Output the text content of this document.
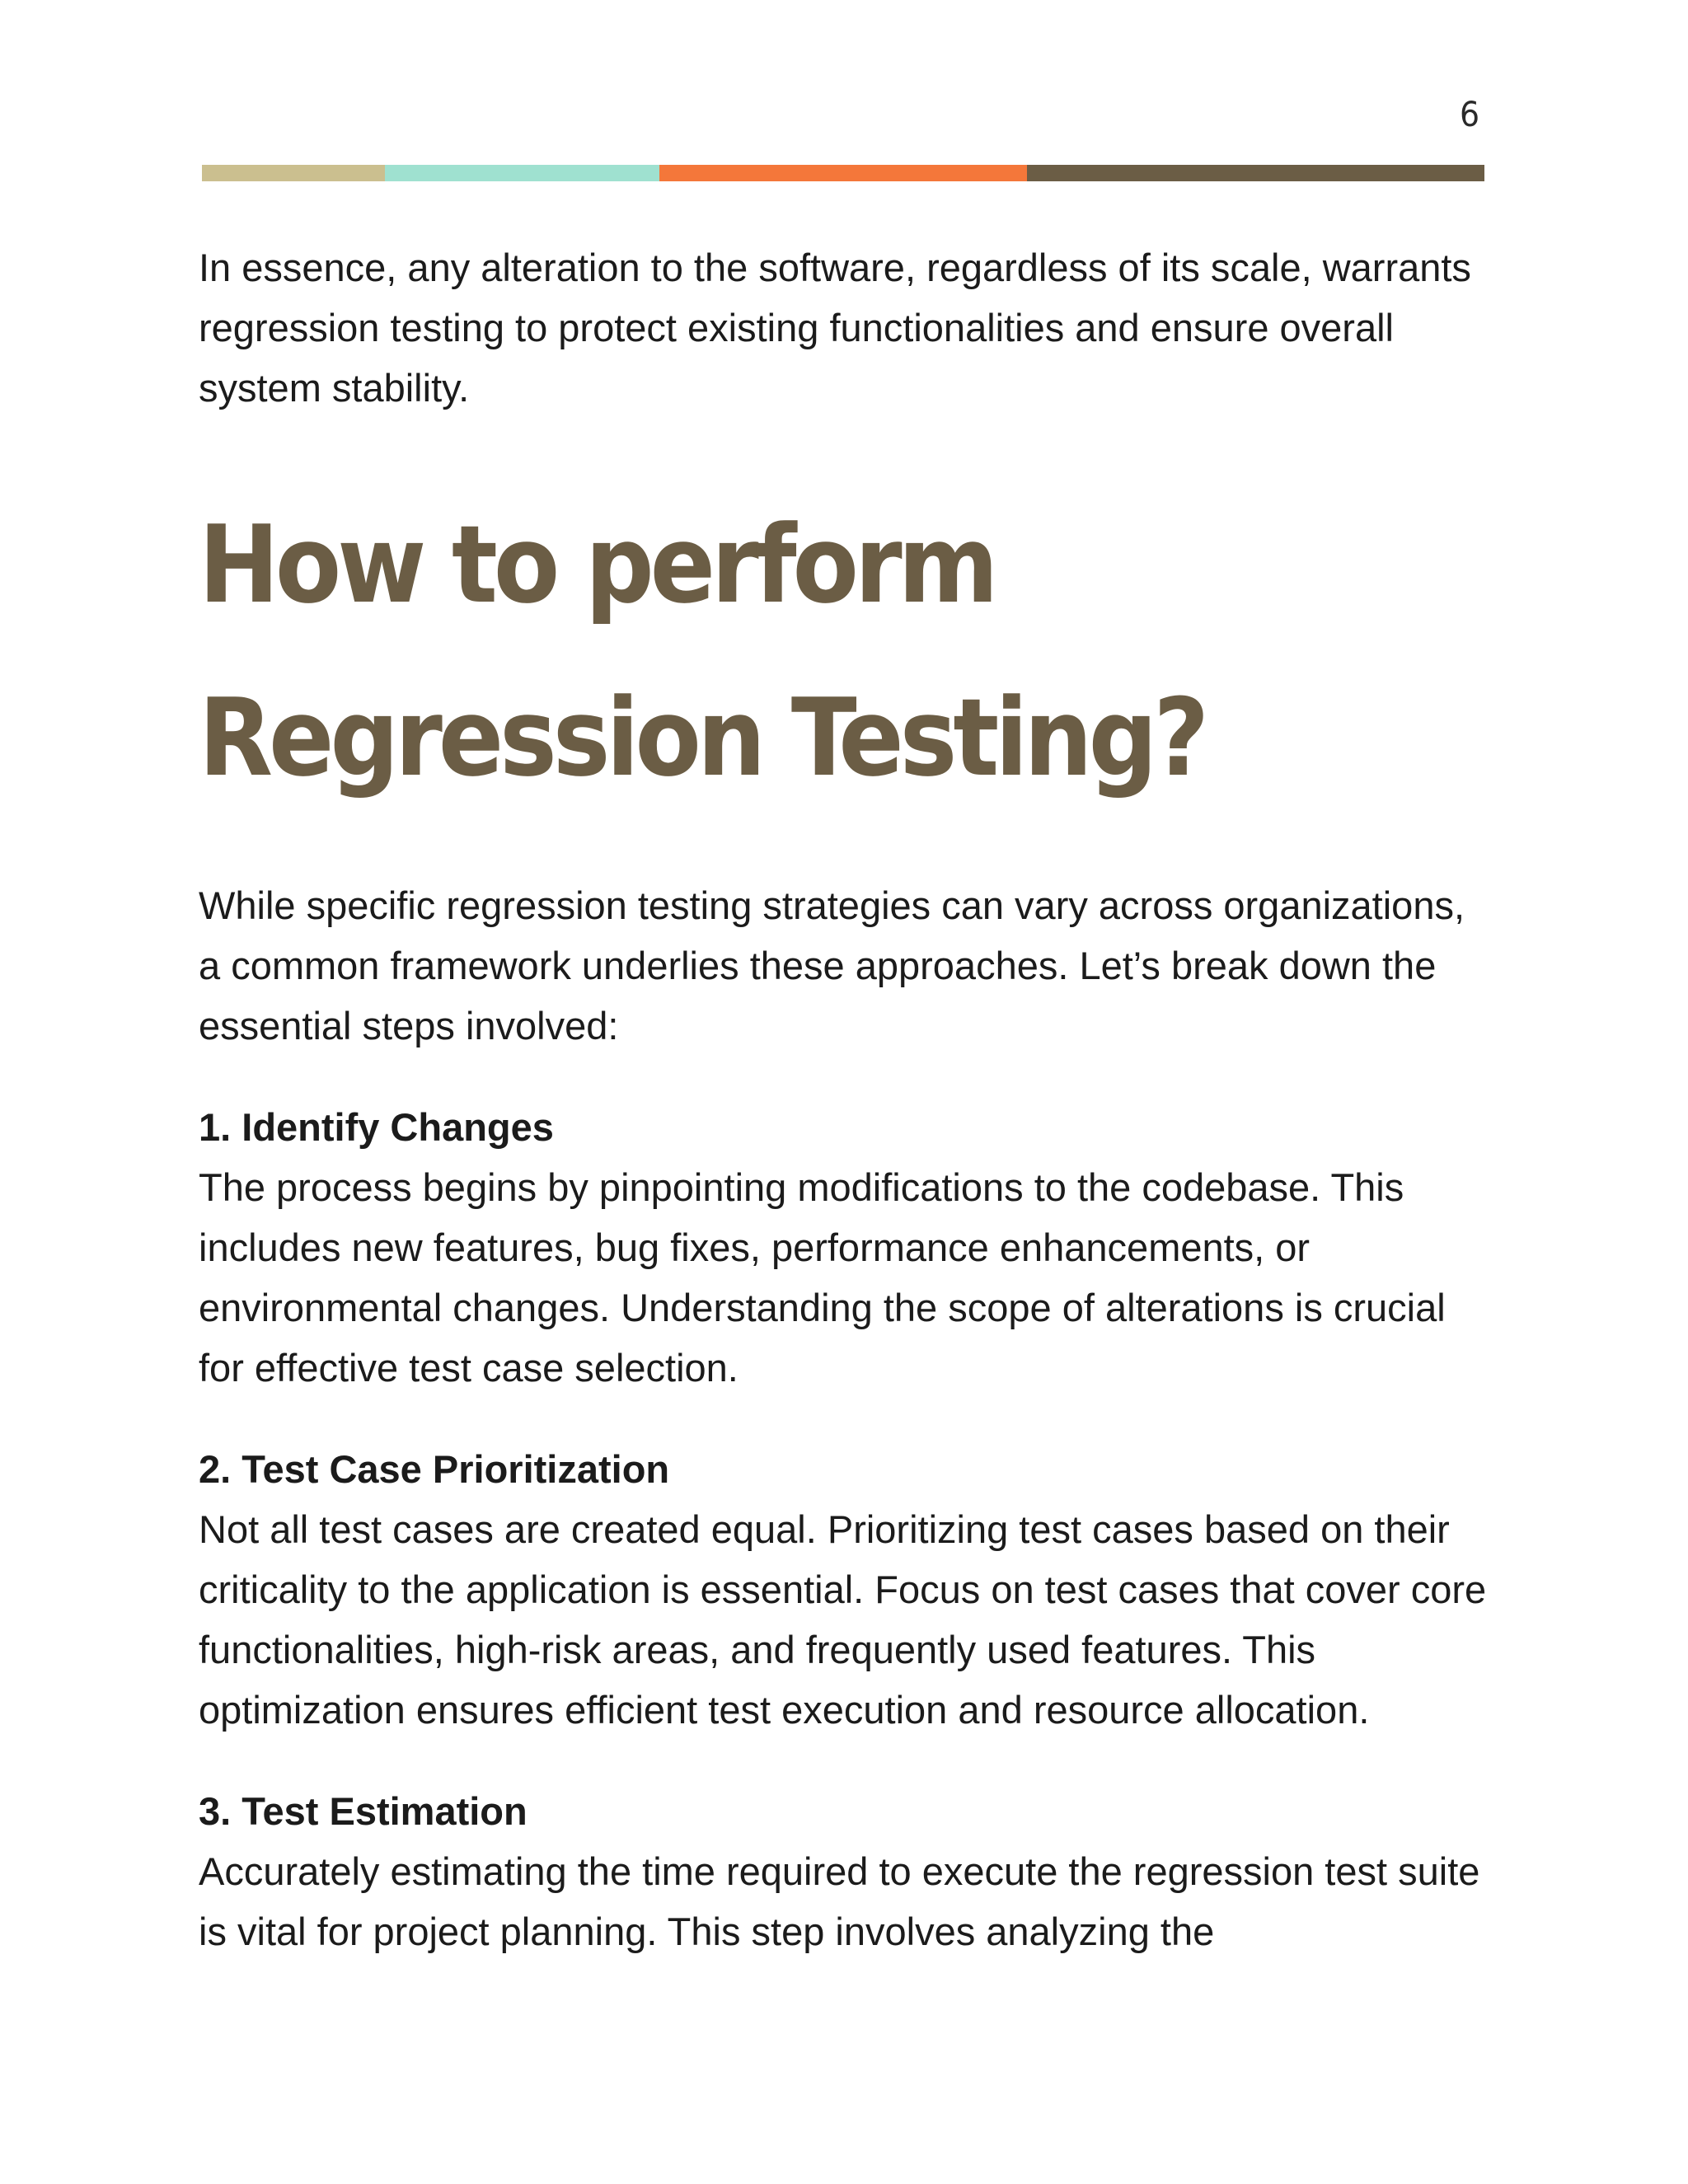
6

In essence, any alteration to the software, regardless of its scale, warrants regression testing to protect existing functionalities and ensure overall system stability.

How to perform Regression Testing?

While specific regression testing strategies can vary across organizations, a common framework underlies these approaches. Let’s break down the essential steps involved:

1. Identify Changes

The process begins by pinpointing modifications to the codebase. This includes new features, bug fixes, performance enhancements, or environmental changes. Understanding the scope of alterations is crucial for effective test case selection.

2. Test Case Prioritization

Not all test cases are created equal. Prioritizing test cases based on their criticality to the application is essential. Focus on test cases that cover core functionalities, high-risk areas, and frequently used features. This optimization ensures efficient test execution and resource allocation.

3. Test Estimation

Accurately estimating the time required to execute the regression test suite is vital for project planning. This step involves analyzing the
